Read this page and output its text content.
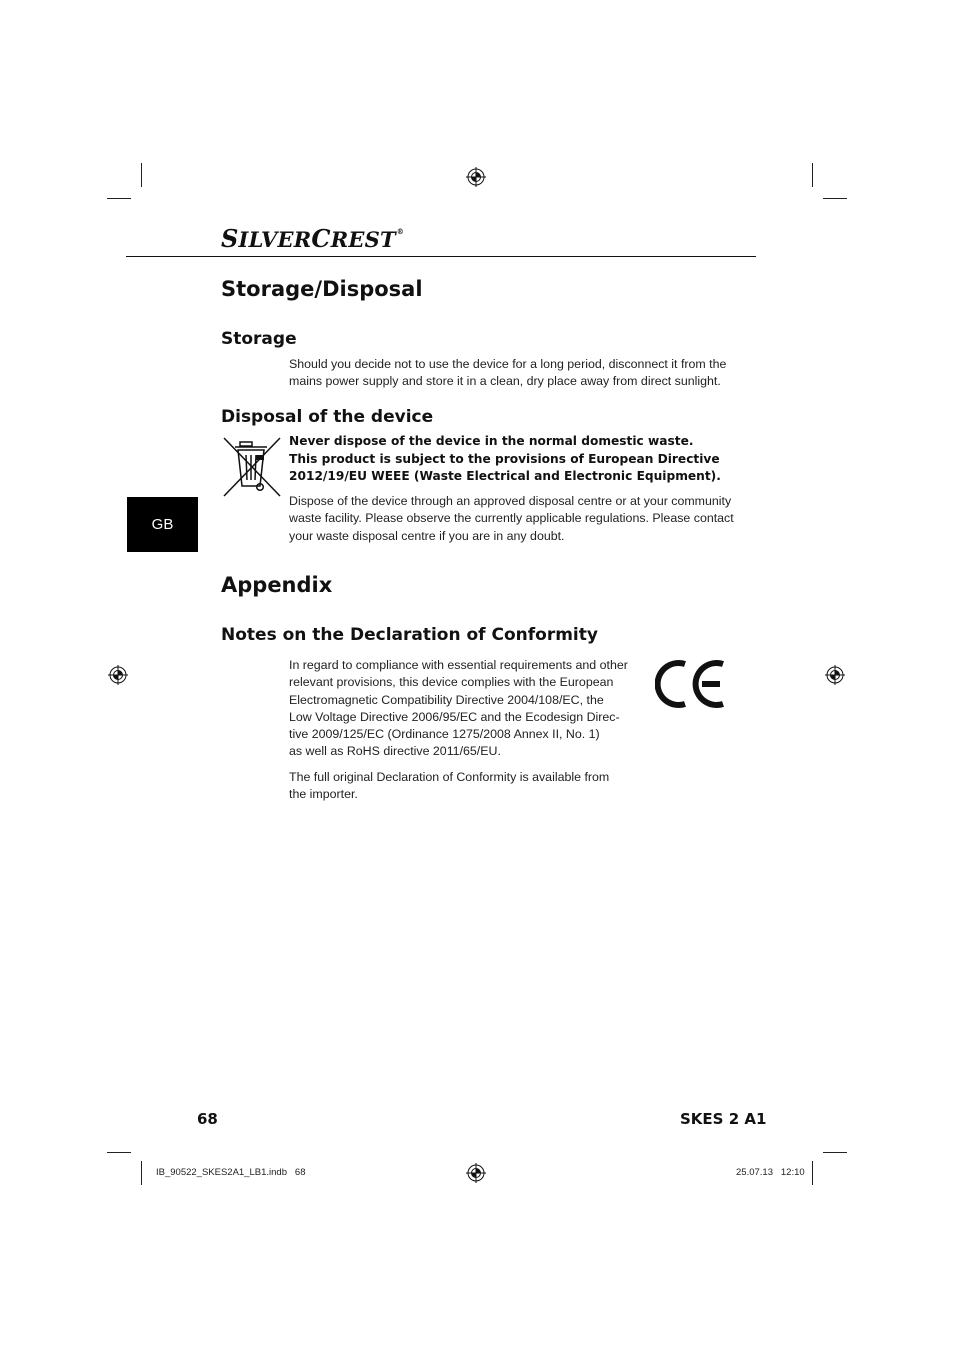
SILVERCREST®
GB
Storage/Disposal
Storage
Should you decide not to use the device for a long period, disconnect it from the
mains power supply and store it in a clean, dry place away from direct sunlight.
Disposal of the device
Never dispose of the device in the normal domestic waste.
This product is subject to the provisions of European Directive
2012/19/EU WEEE (Waste Electrical and Electronic Equipment).
Dispose of the device through an approved disposal centre or at your community
waste facility. Please observe the currently applicable regulations. Please contact
your waste disposal centre if you are in any doubt.
Appendix
Notes on the Declaration of Conformity
In regard to compliance with essential requirements and other
relevant provisions, this device complies with the European
Electromagnetic Compatibility Directive 2004/108/EC, the
Low Voltage Directive 2006/95/EC and the Ecodesign Direc-
tive 2009/125/EC (Ordinance 1275/2008 Annex II, No. 1)
as well as RoHS directive 2011/65/EU.
The full original Declaration of Conformity is available from
the importer.
68	SKES 2 A1
IB_90522_SKES2A1_LB1.indb   68	25.07.13   12:10
